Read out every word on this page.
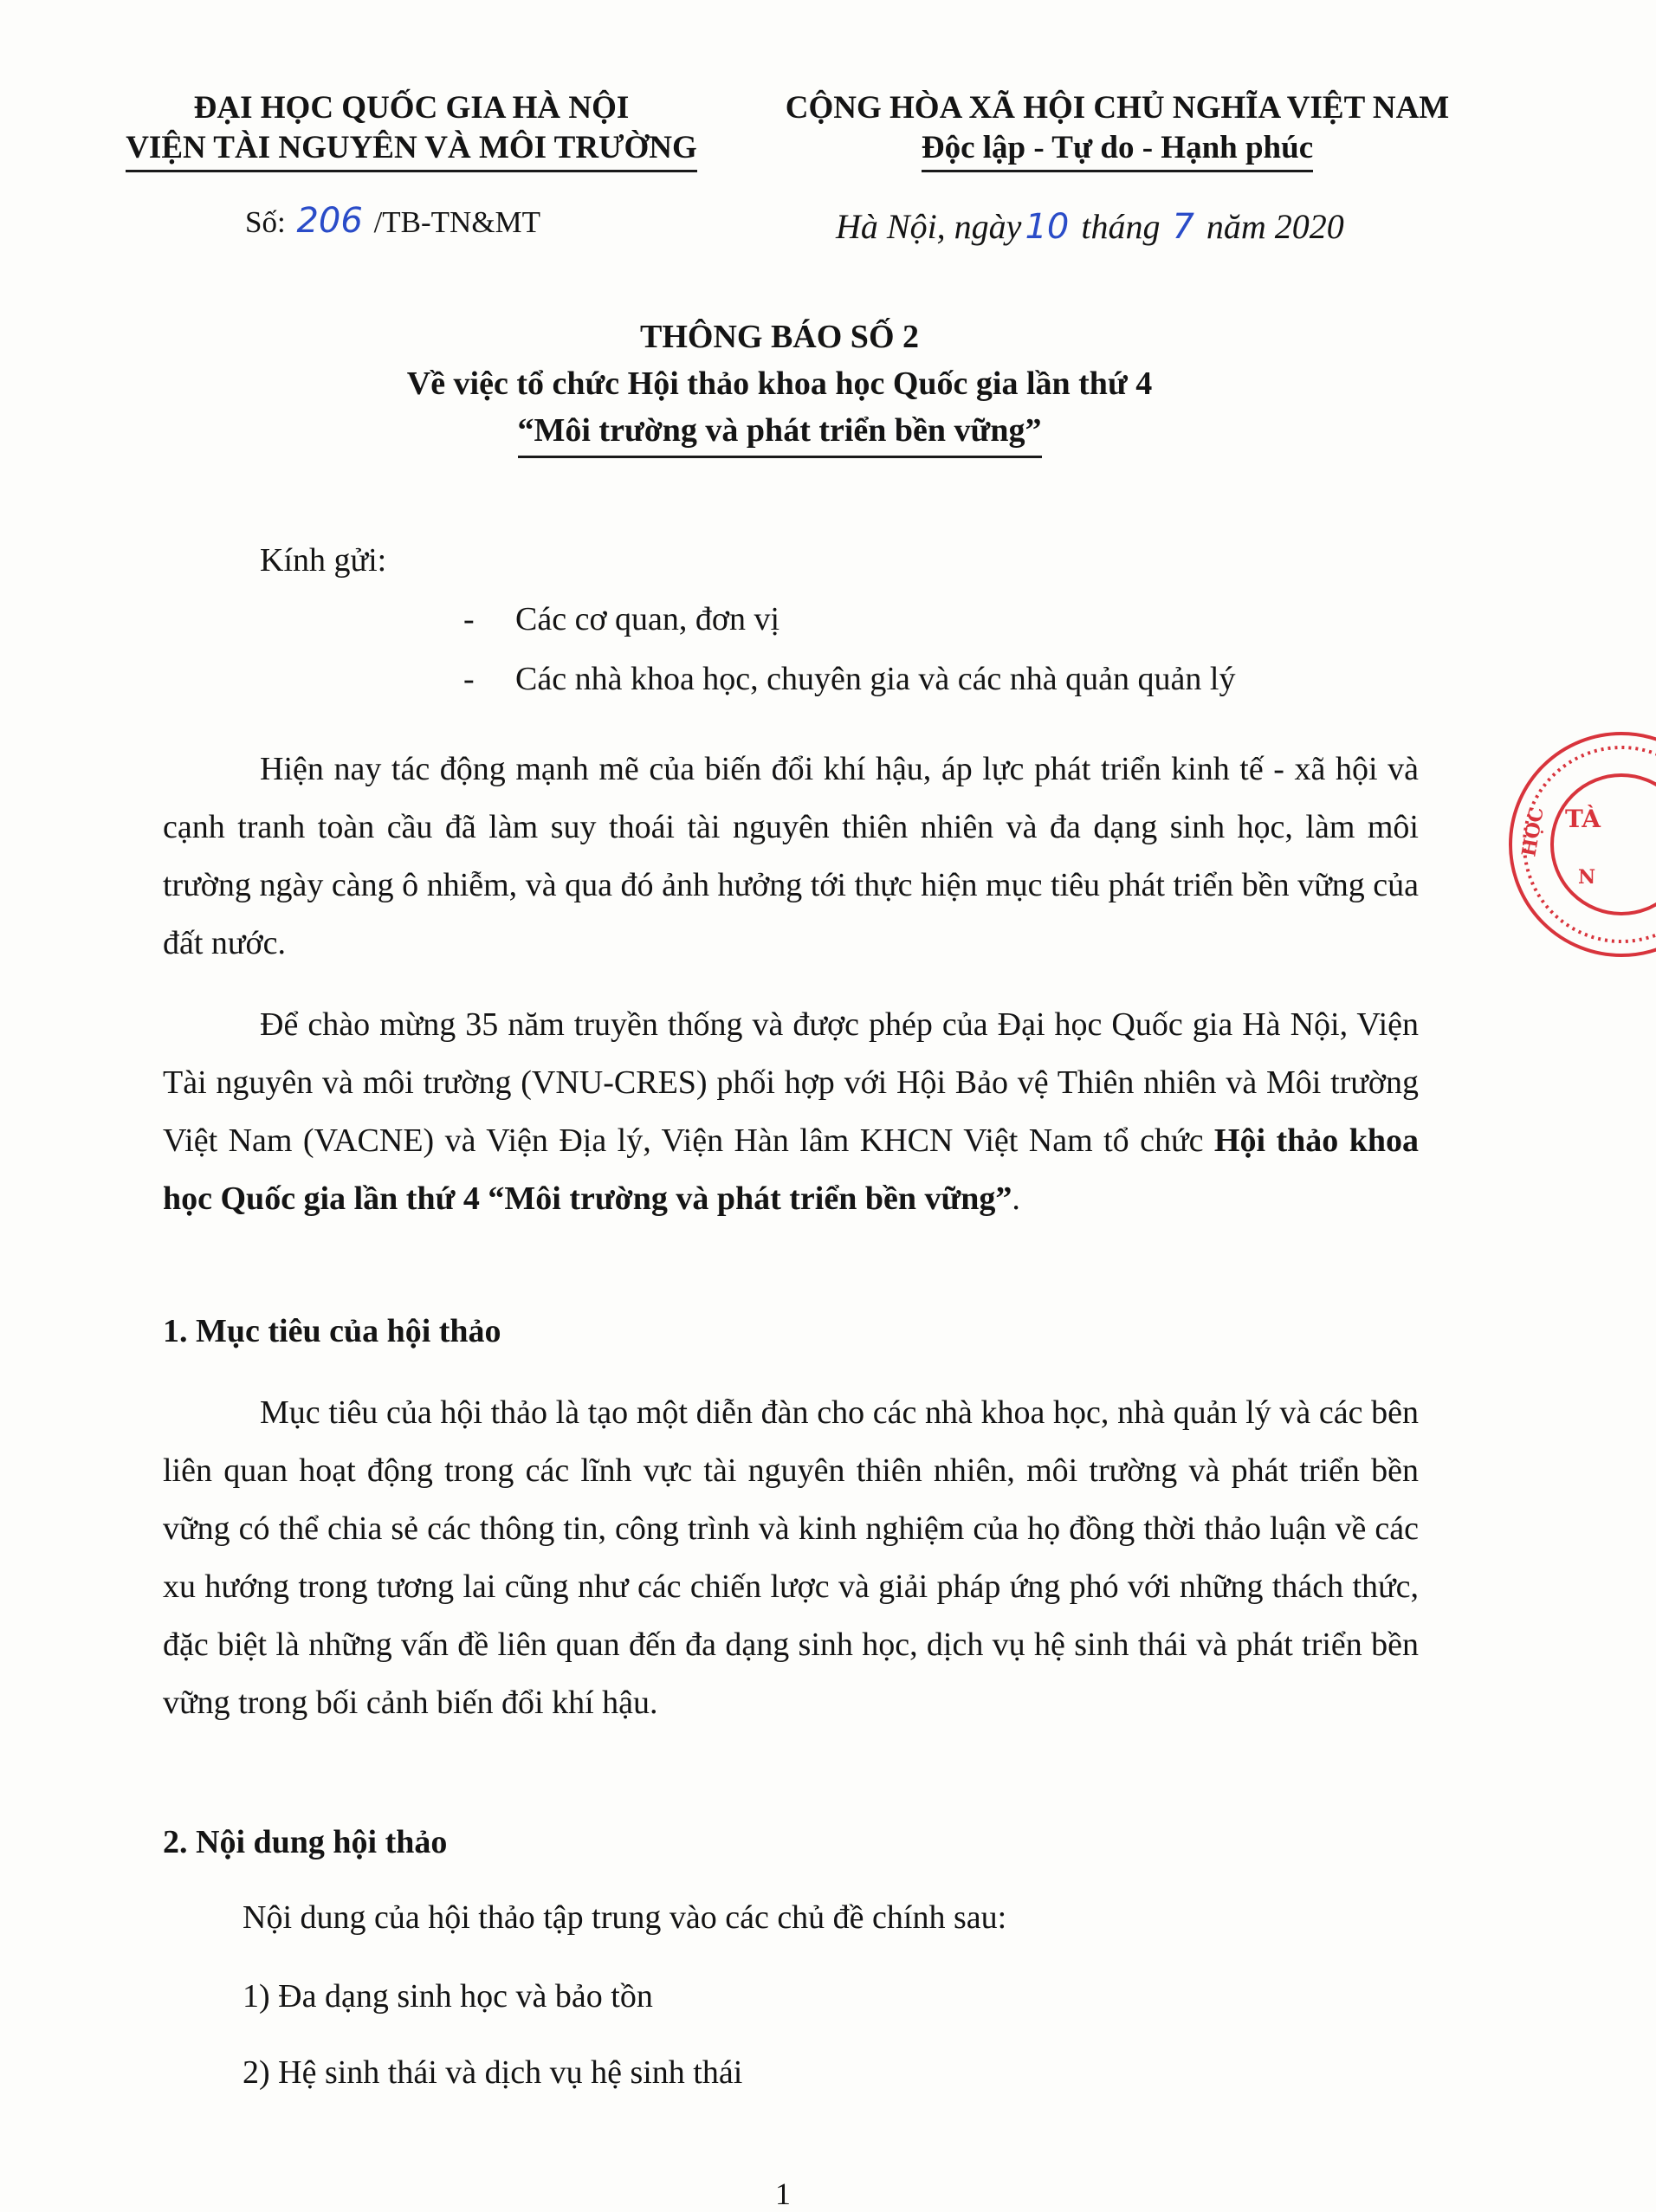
ĐẠI HỌC QUỐC GIA HÀ NỘI
VIỆN TÀI NGUYÊN VÀ MÔI TRƯỜNG
CỘNG HÒA XÃ HỘI CHỦ NGHĨA VIỆT NAM
Độc lập - Tự do - Hạnh phúc
Số: 206 /TB-TN&MT	Hà Nội, ngày 10 tháng 7 năm 2020
THÔNG BÁO SỐ 2
Về việc tổ chức Hội thảo khoa học Quốc gia lần thứ 4
“Môi trường và phát triển bền vững”
Kính gửi:
- Các cơ quan, đơn vị
- Các nhà khoa học, chuyên gia và các nhà quản quản lý

Hiện nay tác động mạnh mẽ của biến đổi khí hậu, áp lực phát triển kinh tế - xã hội và cạnh tranh toàn cầu đã làm suy thoái tài nguyên thiên nhiên và đa dạng sinh học, làm môi trường ngày càng ô nhiễm, và qua đó ảnh hưởng tới thực hiện mục tiêu phát triển bền vững của đất nước.

Để chào mừng 35 năm truyền thống và được phép của Đại học Quốc gia Hà Nội, Viện Tài nguyên và môi trường (VNU-CRES) phối hợp với Hội Bảo vệ Thiên nhiên và Môi trường Việt Nam (VACNE) và Viện Địa lý, Viện Hàn lâm KHCN Việt Nam tổ chức Hội thảo khoa học Quốc gia lần thứ 4 “Môi trường và phát triển bền vững”.

1. Mục tiêu của hội thảo

Mục tiêu của hội thảo là tạo một diễn đàn cho các nhà khoa học, nhà quản lý và các bên liên quan hoạt động trong các lĩnh vực tài nguyên thiên nhiên, môi trường và phát triển bền vững có thể chia sẻ các thông tin, công trình và kinh nghiệm của họ đồng thời thảo luận về các xu hướng trong tương lai cũng như các chiến lược và giải pháp ứng phó với những thách thức, đặc biệt là những vấn đề liên quan đến đa dạng sinh học, dịch vụ hệ sinh thái và phát triển bền vững trong bối cảnh biến đổi khí hậu.

2. Nội dung hội thảo
Nội dung của hội thảo tập trung vào các chủ đề chính sau:
1) Đa dạng sinh học và bảo tồn
2) Hệ sinh thái và dịch vụ hệ sinh thái
1
HỌC TÀ
N
